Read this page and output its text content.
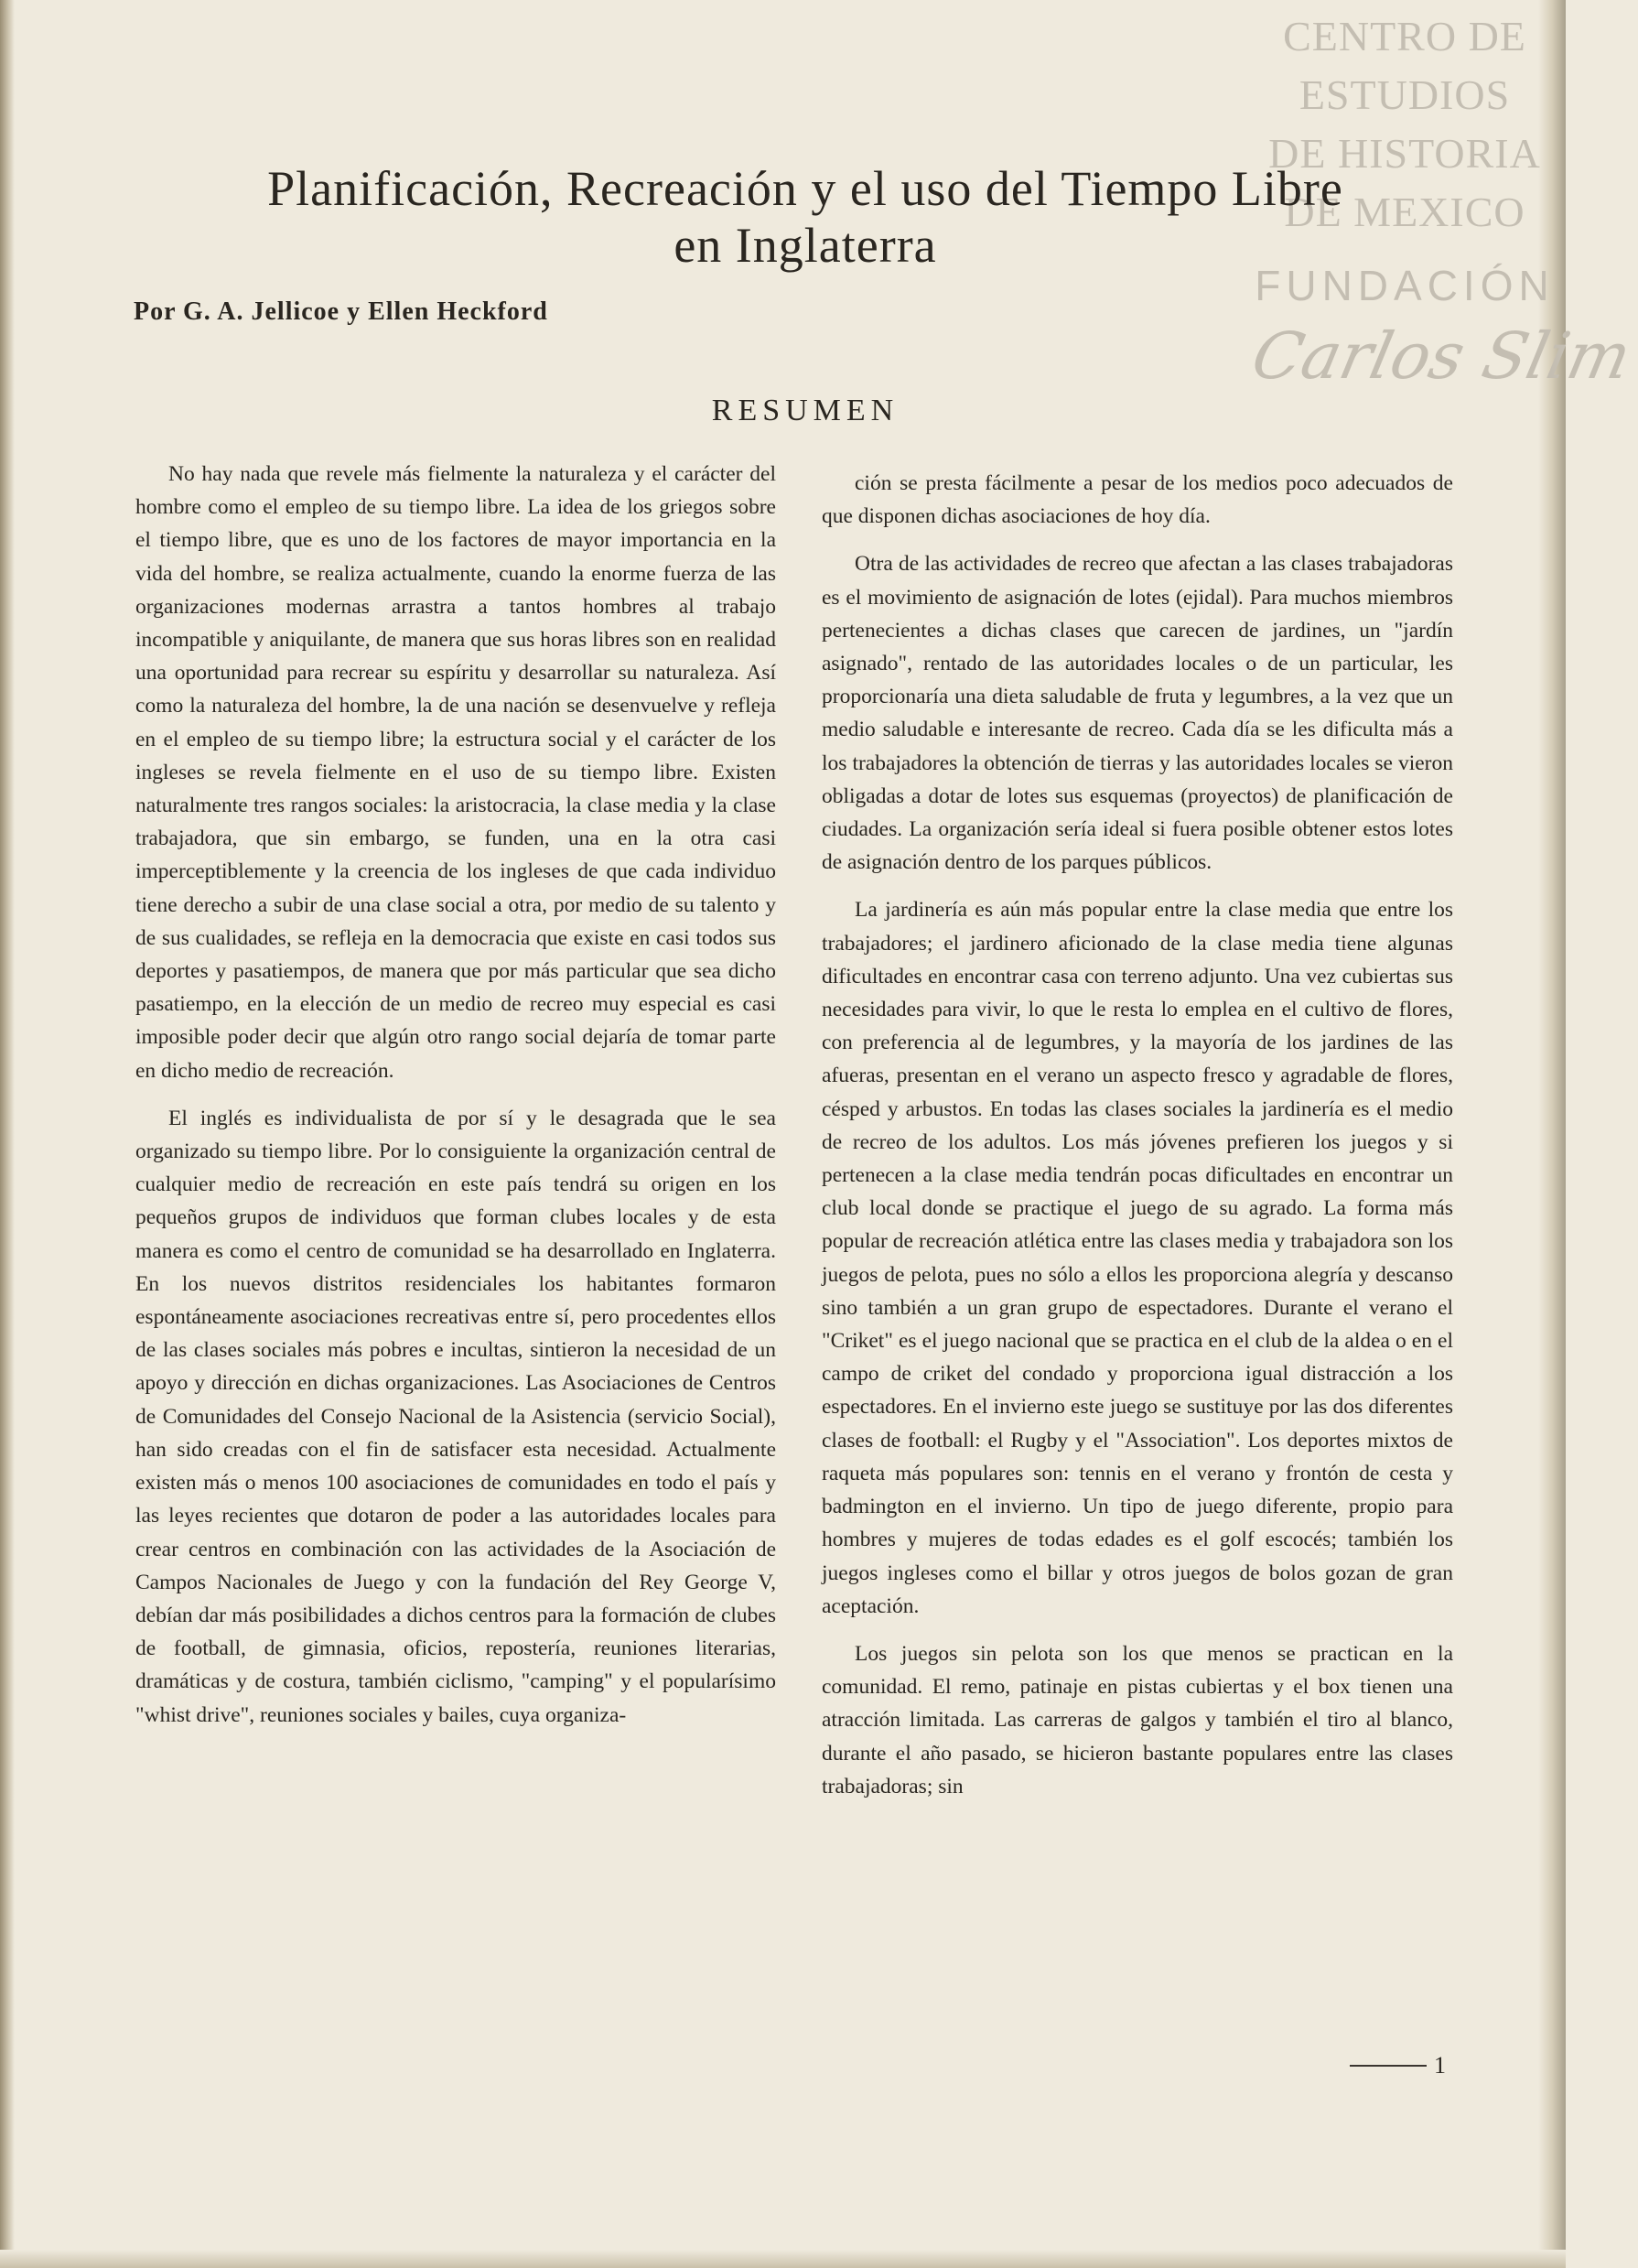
CENTRO DE
ESTUDIOS
DE HISTORIA
DE MEXICO
FUNDACIÓN
Carlos Slim
Planificación, Recreación y el uso del Tiempo Libre
en Inglaterra

Por G. A. Jellicoe y Ellen Heckford

RESUMEN

No hay nada que revele más fielmente la naturaleza y el carácter del hombre como el empleo de su tiempo libre. La idea de los griegos sobre el tiempo libre, que es uno de los factores de mayor importancia en la vida del hombre, se realiza actualmente, cuando la enorme fuerza de las organizaciones modernas arrastra a tantos hombres al trabajo incompatible y aniquilante, de manera que sus horas libres son en realidad una oportunidad para recrear su espíritu y desarrollar su naturaleza. Así como la naturaleza del hombre, la de una nación se desenvuelve y refleja en el empleo de su tiempo libre; la estructura social y el carácter de los ingleses se revela fielmente en el uso de su tiempo libre. Existen naturalmente tres rangos sociales: la aristocracia, la clase media y la clase trabajadora, que sin embargo, se funden, una en la otra casi imperceptiblemente y la creencia de los ingleses de que cada individuo tiene derecho a subir de una clase social a otra, por medio de su talento y de sus cualidades, se refleja en la democracia que existe en casi todos sus deportes y pasatiempos, de manera que por más particular que sea dicho pasatiempo, en la elección de un medio de recreo muy especial es casi imposible poder decir que algún otro rango social dejaría de tomar parte en dicho medio de recreación.

El inglés es individualista de por sí y le desagrada que le sea organizado su tiempo libre. Por lo consiguiente la organización central de cualquier medio de recreación en este país tendrá su origen en los pequeños grupos de individuos que forman clubes locales y de esta manera es como el centro de comunidad se ha desarrollado en Inglaterra. En los nuevos distritos residenciales los habitantes formaron espontáneamente asociaciones recreativas entre sí, pero procedentes ellos de las clases sociales más pobres e incultas, sintieron la necesidad de un apoyo y dirección en dichas organizaciones. Las Asociaciones de Centros de Comunidades del Consejo Nacional de la Asistencia (servicio Social), han sido creadas con el fin de satisfacer esta necesidad. Actualmente existen más o menos 100 asociaciones de comunidades en todo el país y las leyes recientes que dotaron de poder a las autoridades locales para crear centros en combinación con las actividades de la Asociación de Campos Nacionales de Juego y con la fundación del Rey George V, debían dar más posibilidades a dichos centros para la formación de clubes de football, de gimnasia, oficios, repostería, reuniones literarias, dramáticas y de costura, también ciclismo, "camping" y el popularísimo "whist drive", reuniones sociales y bailes, cuya organiza-

ción se presta fácilmente a pesar de los medios poco adecuados de que disponen dichas asociaciones de hoy día.

Otra de las actividades de recreo que afectan a las clases trabajadoras es el movimiento de asignación de lotes (ejidal). Para muchos miembros pertenecientes a dichas clases que carecen de jardines, un "jardín asignado", rentado de las autoridades locales o de un particular, les proporcionaría una dieta saludable de fruta y legumbres, a la vez que un medio saludable e interesante de recreo. Cada día se les dificulta más a los trabajadores la obtención de tierras y las autoridades locales se vieron obligadas a dotar de lotes sus esquemas (proyectos) de planificación de ciudades. La organización sería ideal si fuera posible obtener estos lotes de asignación dentro de los parques públicos.

La jardinería es aún más popular entre la clase media que entre los trabajadores; el jardinero aficionado de la clase media tiene algunas dificultades en encontrar casa con terreno adjunto. Una vez cubiertas sus necesidades para vivir, lo que le resta lo emplea en el cultivo de flores, con preferencia al de legumbres, y la mayoría de los jardines de las afueras, presentan en el verano un aspecto fresco y agradable de flores, césped y arbustos. En todas las clases sociales la jardinería es el medio de recreo de los adultos. Los más jóvenes prefieren los juegos y si pertenecen a la clase media tendrán pocas dificultades en encontrar un club local donde se practique el juego de su agrado. La forma más popular de recreación atlética entre las clases media y trabajadora son los juegos de pelota, pues no sólo a ellos les proporciona alegría y descanso sino también a un gran grupo de espectadores. Durante el verano el "Criket" es el juego nacional que se practica en el club de la aldea o en el campo de criket del condado y proporciona igual distracción a los espectadores. En el invierno este juego se sustituye por las dos diferentes clases de football: el Rugby y el "Association". Los deportes mixtos de raqueta más populares son: tennis en el verano y frontón de cesta y badmington en el invierno. Un tipo de juego diferente, propio para hombres y mujeres de todas edades es el golf escocés; también los juegos ingleses como el billar y otros juegos de bolos gozan de gran aceptación.

Los juegos sin pelota son los que menos se practican en la comunidad. El remo, patinaje en pistas cubiertas y el box tienen una atracción limitada. Las carreras de galgos y también el tiro al blanco, durante el año pasado, se hicieron bastante populares entre las clases trabajadoras; sin

1
